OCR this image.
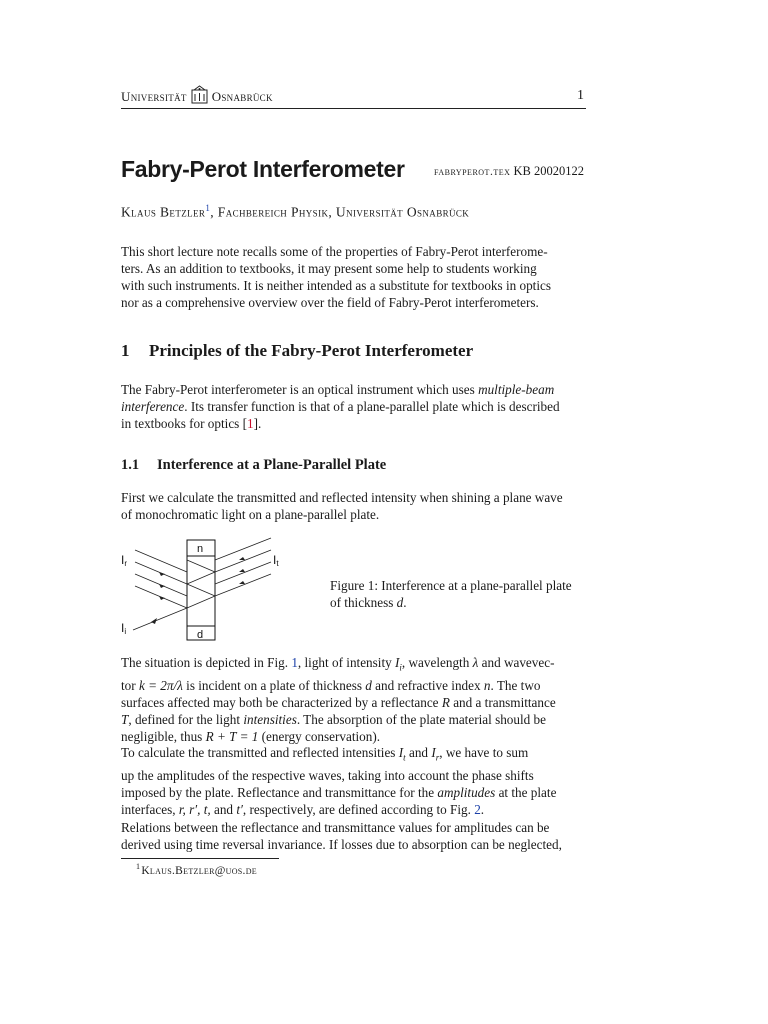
Universität Osnabrück	1
Fabry-Perot Interferometer	fabryperot.tex KB 20020122
Klaus Betzler$^1$, Fachbereich Physik, Universität Osnabrück

This short lecture note recalls some of the properties of Fabry-Perot interferome-

ters. As an addition to textbooks, it may present some help to students working

with such instruments. It is neither intended as a substitute for textbooks in optics

nor as a comprehensive overview over the field of Fabry-Perot interferometers.

1 Principles of the Fabry-Perot Interferometer

The Fabry-Perot interferometer is an optical instrument which uses multiple-beam

interference. Its transfer function is that of a plane-parallel plate which is described

in textbooks for optics [1].

1.1 Interference at a Plane-Parallel Plate

First we calculate the transmitted and reflected intensity when shining a plane wave

of monochromatic light on a plane-parallel plate.

Ir	It
Ii
n
d
Figure 1: Interference at a plane-parallel plate
of thickness d.

The situation is depicted in Fig. 1, light of intensity $I_i$, wavelength λ and wavevec-

tor k = 2π/λ is incident on a plate of thickness d and refractive index n. The two

surfaces affected may both be characterized by a reflectance R and a transmittance

T, defined for the light intensities. The absorption of the plate material should be

negligible, thus R + T = 1 (energy conservation).

To calculate the transmitted and reflected intensities $I_t$ and $I_r$, we have to sum

up the amplitudes of the respective waves, taking into account the phase shifts

imposed by the plate. Reflectance and transmittance for the amplitudes at the plate

interfaces, r, r′, t, and t′, respectively, are defined according to Fig. 2.

Relations between the reflectance and transmittance values for amplitudes can be

derived using time reversal invariance. If losses due to absorption can be neglected,

$^1$Klaus.Betzler@uos.de
